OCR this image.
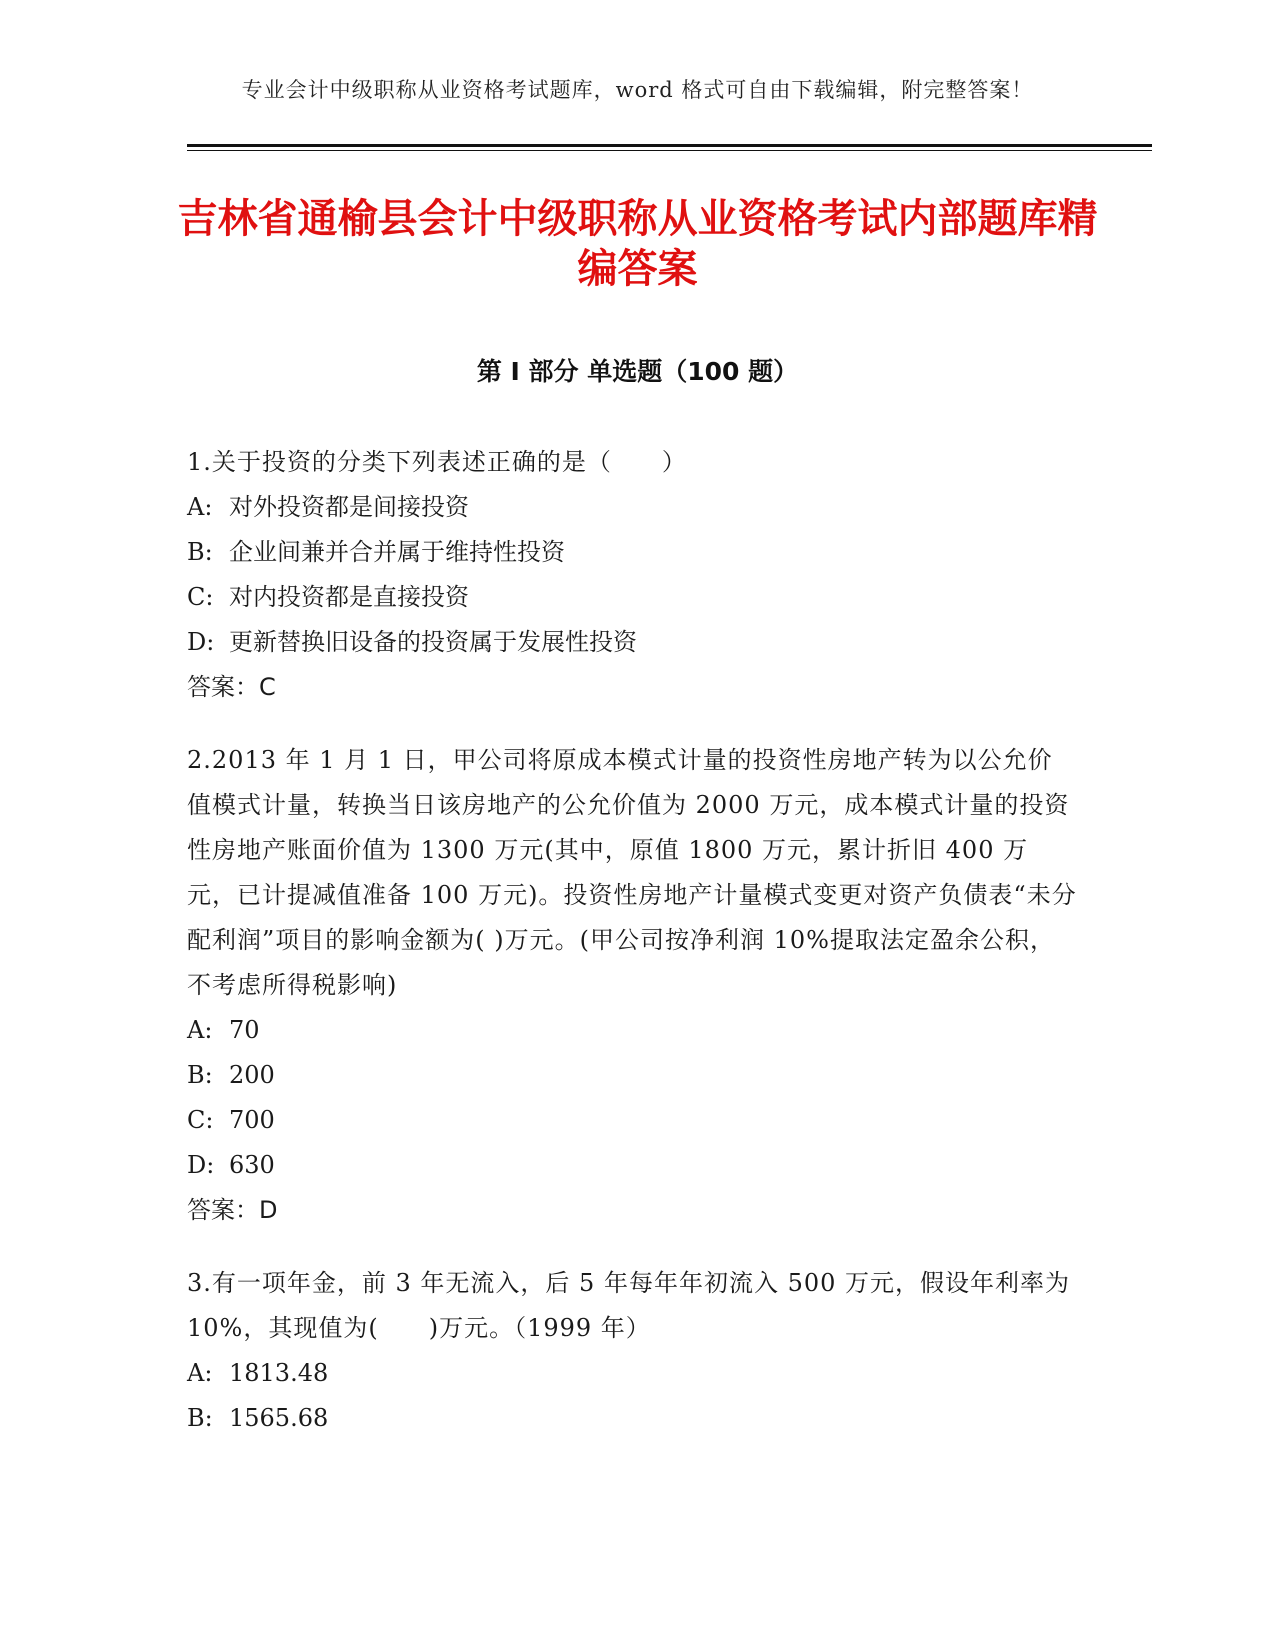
专业会计中级职称从业资格考试题库，word 格式可自由下载编辑，附完整答案！
吉林省通榆县会计中级职称从业资格考试内部题库精编答案
第 I 部分 单选题（100 题）
1.关于投资的分类下列表述正确的是（　　）
A: 对外投资都是间接投资
B: 企业间兼并合并属于维持性投资
C: 对内投资都是直接投资
D: 更新替换旧设备的投资属于发展性投资
答案：C
2.2013 年 1 月 1 日，甲公司将原成本模式计量的投资性房地产转为以公允价值模式计量，转换当日该房地产的公允价值为 2000 万元，成本模式计量的投资性房地产账面价值为 1300 万元(其中，原值 1800 万元，累计折旧 400 万元，已计提减值准备 100 万元)。投资性房地产计量模式变更对资产负债表“未分配利润”项目的影响金额为( )万元。(甲公司按净利润 10%提取法定盈余公积，不考虑所得税影响)
A: 70
B: 200
C: 700
D: 630
答案：D
3.有一项年金，前 3 年无流入，后 5 年每年年初流入 500 万元，假设年利率为 10%，其现值为(　　)万元。（1999 年）
A: 1813.48
B: 1565.68
